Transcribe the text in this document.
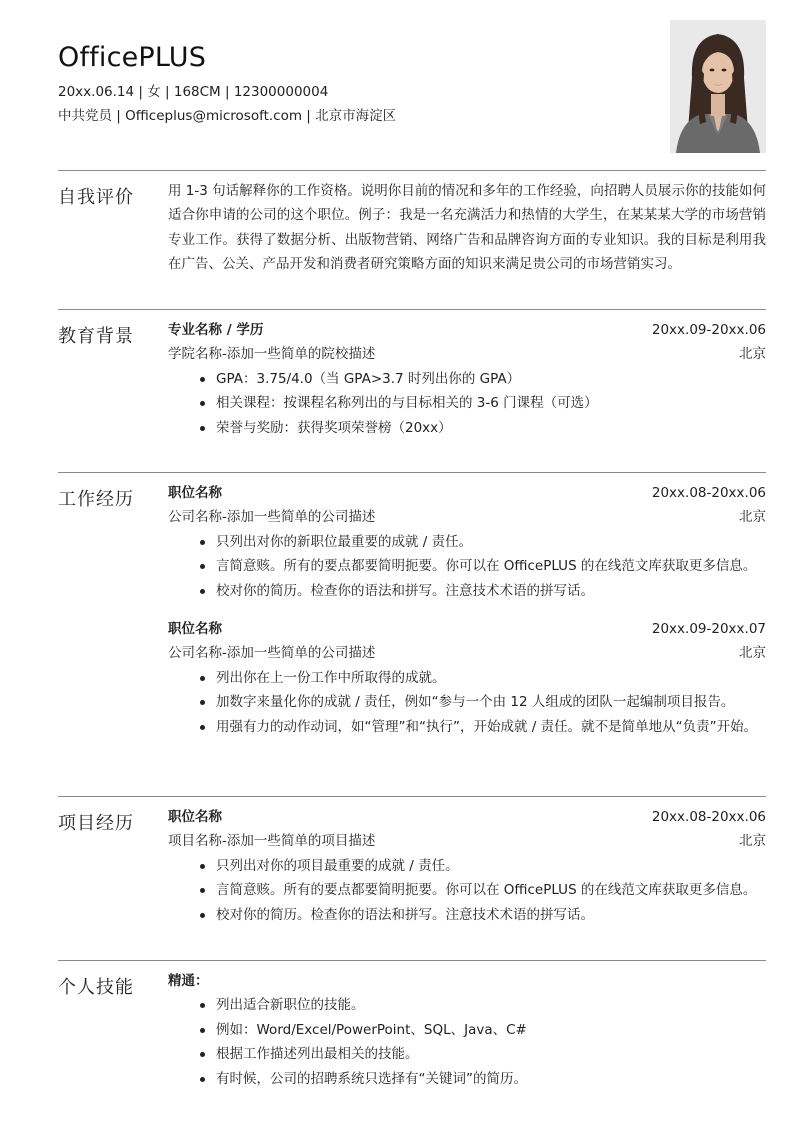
OfficePLUS
20xx.06.14 | 女 | 168CM | 12300000004
中共党员 | Officeplus@microsoft.com | 北京市海淀区
自我评价	用 1-3 句话解释你的工作资格。说明你目前的情况和多年的工作经验，向招聘人员展示你的技能如何适合你申请的公司的这个职位。例子：我是一名充满活力和热情的大学生，在某某某大学的市场营销专业工作。获得了数据分析、出版物营销、网络广告和品牌咨询方面的专业知识。我的目标是利用我在广告、公关、产品开发和消费者研究策略方面的知识来满足贵公司的市场营销实习。
教育背景	专业名称 / 学历	20xx.09-20xx.06
学院名称-添加一些简单的院校描述	北京
GPA：3.75/4.0（当 GPA>3.7 时列出你的 GPA）
相关课程：按课程名称列出的与目标相关的 3-6 门课程（可选）
荣誉与奖励：获得奖项荣誉榜（20xx）
工作经历	职位名称	20xx.08-20xx.06
公司名称-添加一些简单的公司描述	北京
只列出对你的新职位最重要的成就 / 责任。
言简意赅。所有的要点都要简明扼要。你可以在 OfficePLUS 的在线范文库获取更多信息。
校对你的简历。检查你的语法和拼写。注意技术术语的拼写话。
职位名称	20xx.09-20xx.07
公司名称-添加一些简单的公司描述	北京
列出你在上一份工作中所取得的成就。
加数字来量化你的成就 / 责任，例如“参与一个由 12 人组成的团队一起编制项目报告。
用强有力的动作动词，如“管理”和“执行”，开始成就 / 责任。就不是简单地从“负责”开始。
项目经历	职位名称	20xx.08-20xx.06
项目名称-添加一些简单的项目描述	北京
只列出对你的项目最重要的成就 / 责任。
言简意赅。所有的要点都要简明扼要。你可以在 OfficePLUS 的在线范文库获取更多信息。
校对你的简历。检查你的语法和拼写。注意技术术语的拼写话。
个人技能	精通：
列出适合新职位的技能。
例如：Word/Excel/PowerPoint、SQL、Java、C#
根据工作描述列出最相关的技能。
有时候，公司的招聘系统只选择有“关键词”的简历。
